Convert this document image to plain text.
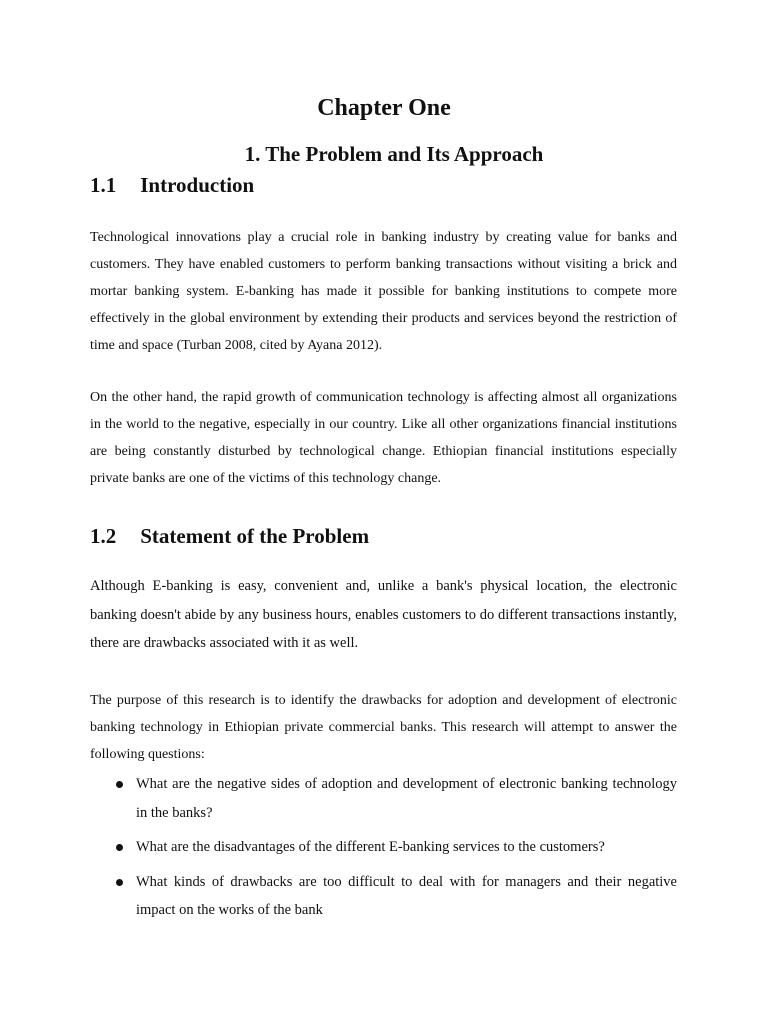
Chapter One
1. The Problem and Its Approach
1.1 Introduction

Technological innovations play a crucial role in banking industry by creating value for banks and customers. They have enabled customers to perform banking transactions without visiting a brick and mortar banking system. E-banking has made it possible for banking institutions to compete more effectively in the global environment by extending their products and services beyond the restriction of time and space (Turban 2008, cited by Ayana 2012).

On the other hand, the rapid growth of communication technology is affecting almost all organizations in the world to the negative, especially in our country. Like all other organizations financial institutions are being constantly disturbed by technological change. Ethiopian financial institutions especially private banks are one of the victims of this technology change.

1.2 Statement of the Problem

Although E-banking is easy, convenient and, unlike a bank's physical location, the electronic banking doesn't abide by any business hours, enables customers to do different transactions instantly, there are drawbacks associated with it as well.

The purpose of this research is to identify the drawbacks for adoption and development of electronic banking technology in Ethiopian private commercial banks. This research will attempt to answer the following questions:

What are the negative sides of adoption and development of electronic banking technology in the banks?
What are the disadvantages of the different E-banking services to the customers?
What kinds of drawbacks are too difficult to deal with for managers and their negative impact on the works of the bank
